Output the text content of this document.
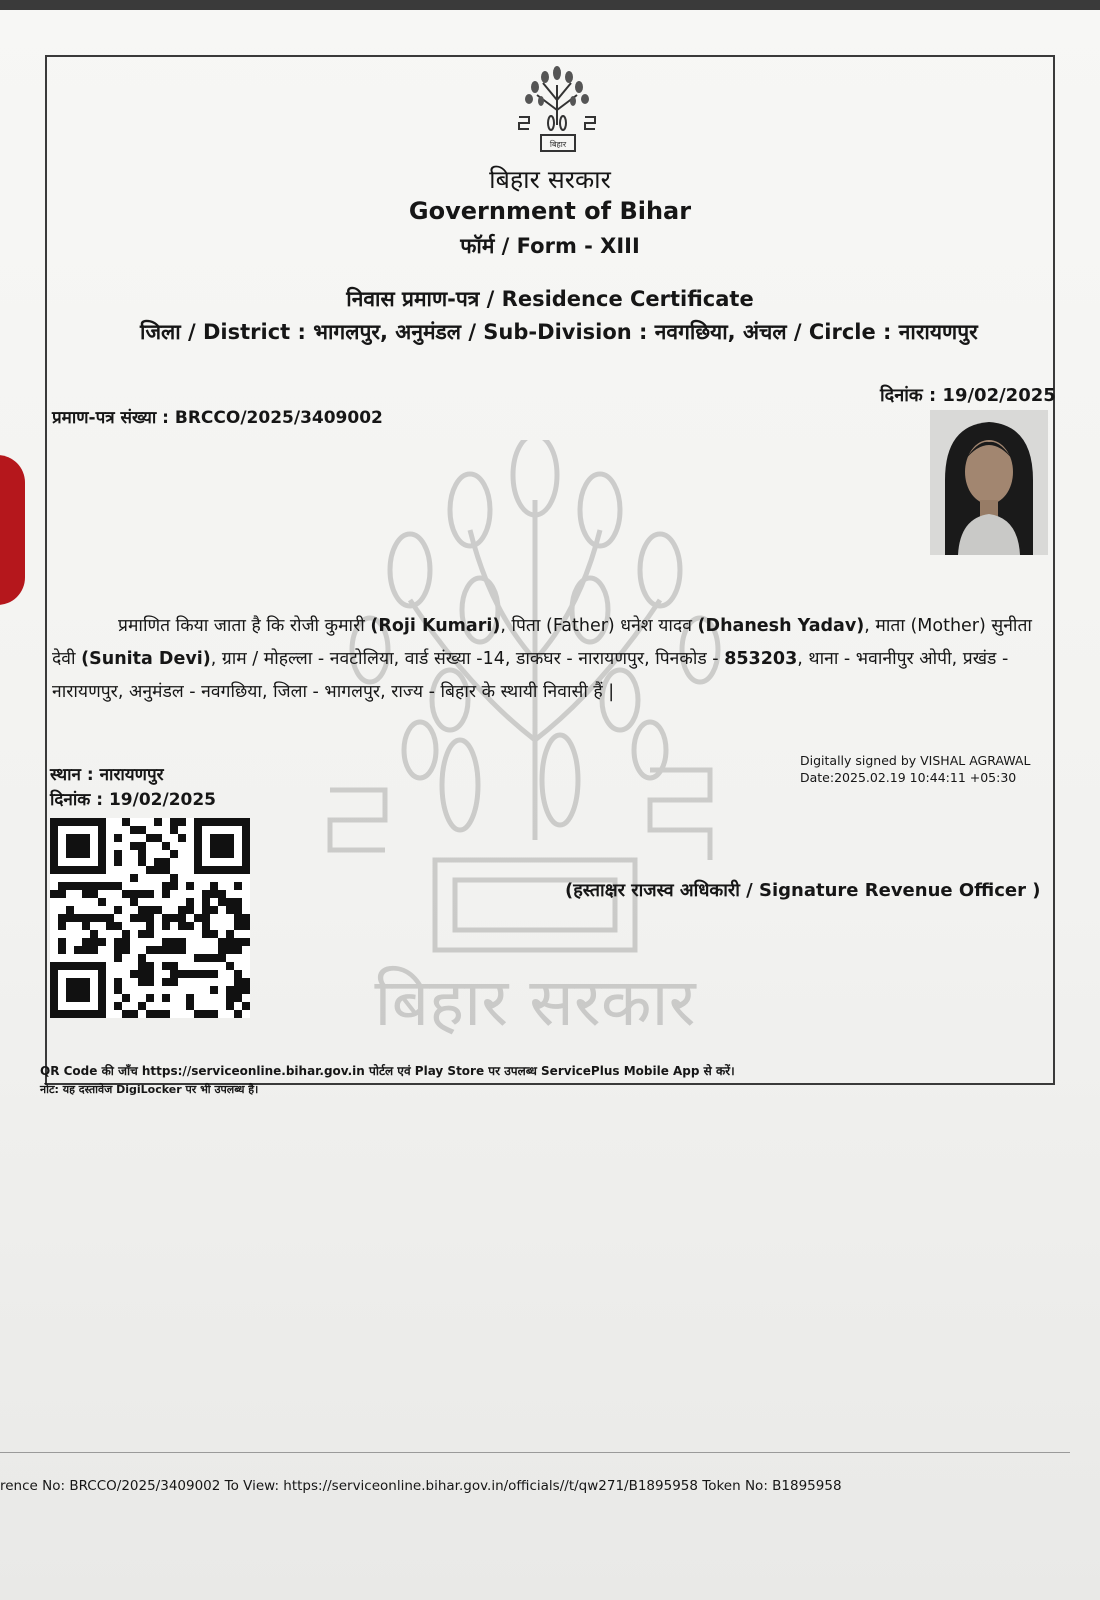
बिहार
बिहार सरकार
Government of Bihar
फॉर्म / Form - XIII
निवास प्रमाण-पत्र / Residence Certificate
जिला / District : भागलपुर, अनुमंडल / Sub-Division : नवगछिया, अंचल / Circle : नारायणपुर
दिनांक : 19/02/2025
प्रमाण-पत्र संख्या : BRCCO/2025/3409002
बिहार सरकार
प्रमाणित किया जाता है कि रोजी कुमारी (Roji Kumari), पिता (Father) धनेश यादव (Dhanesh Yadav), माता (Mother) सुनीता देवी (Sunita Devi), ग्राम / मोहल्ला - नवटोलिया, वार्ड संख्या -14, डाकघर - नारायणपुर, पिनकोड - 853203, थाना - भवानीपुर ओपी, प्रखंड - नारायणपुर, अनुमंडल - नवगछिया, जिला - भागलपुर, राज्य - बिहार के स्थायी निवासी हैं |
स्थान : नारायणपुर
दिनांक : 19/02/2025
Digitally signed by VISHAL AGRAWAL
Date:2025.02.19 10:44:11 +05:30
(हस्ताक्षर राजस्व अधिकारी / Signature Revenue Officer )
QR Code की जाँच https://serviceonline.bihar.gov.in पोर्टल एवं Play Store पर उपलब्ध ServicePlus Mobile App से करें।
नोट: यह दस्तावेज DigiLocker पर भी उपलब्ध है।
rence No: BRCCO/2025/3409002 To View: https://serviceonline.bihar.gov.in/officials//t/qw271/B1895958 Token No: B1895958
